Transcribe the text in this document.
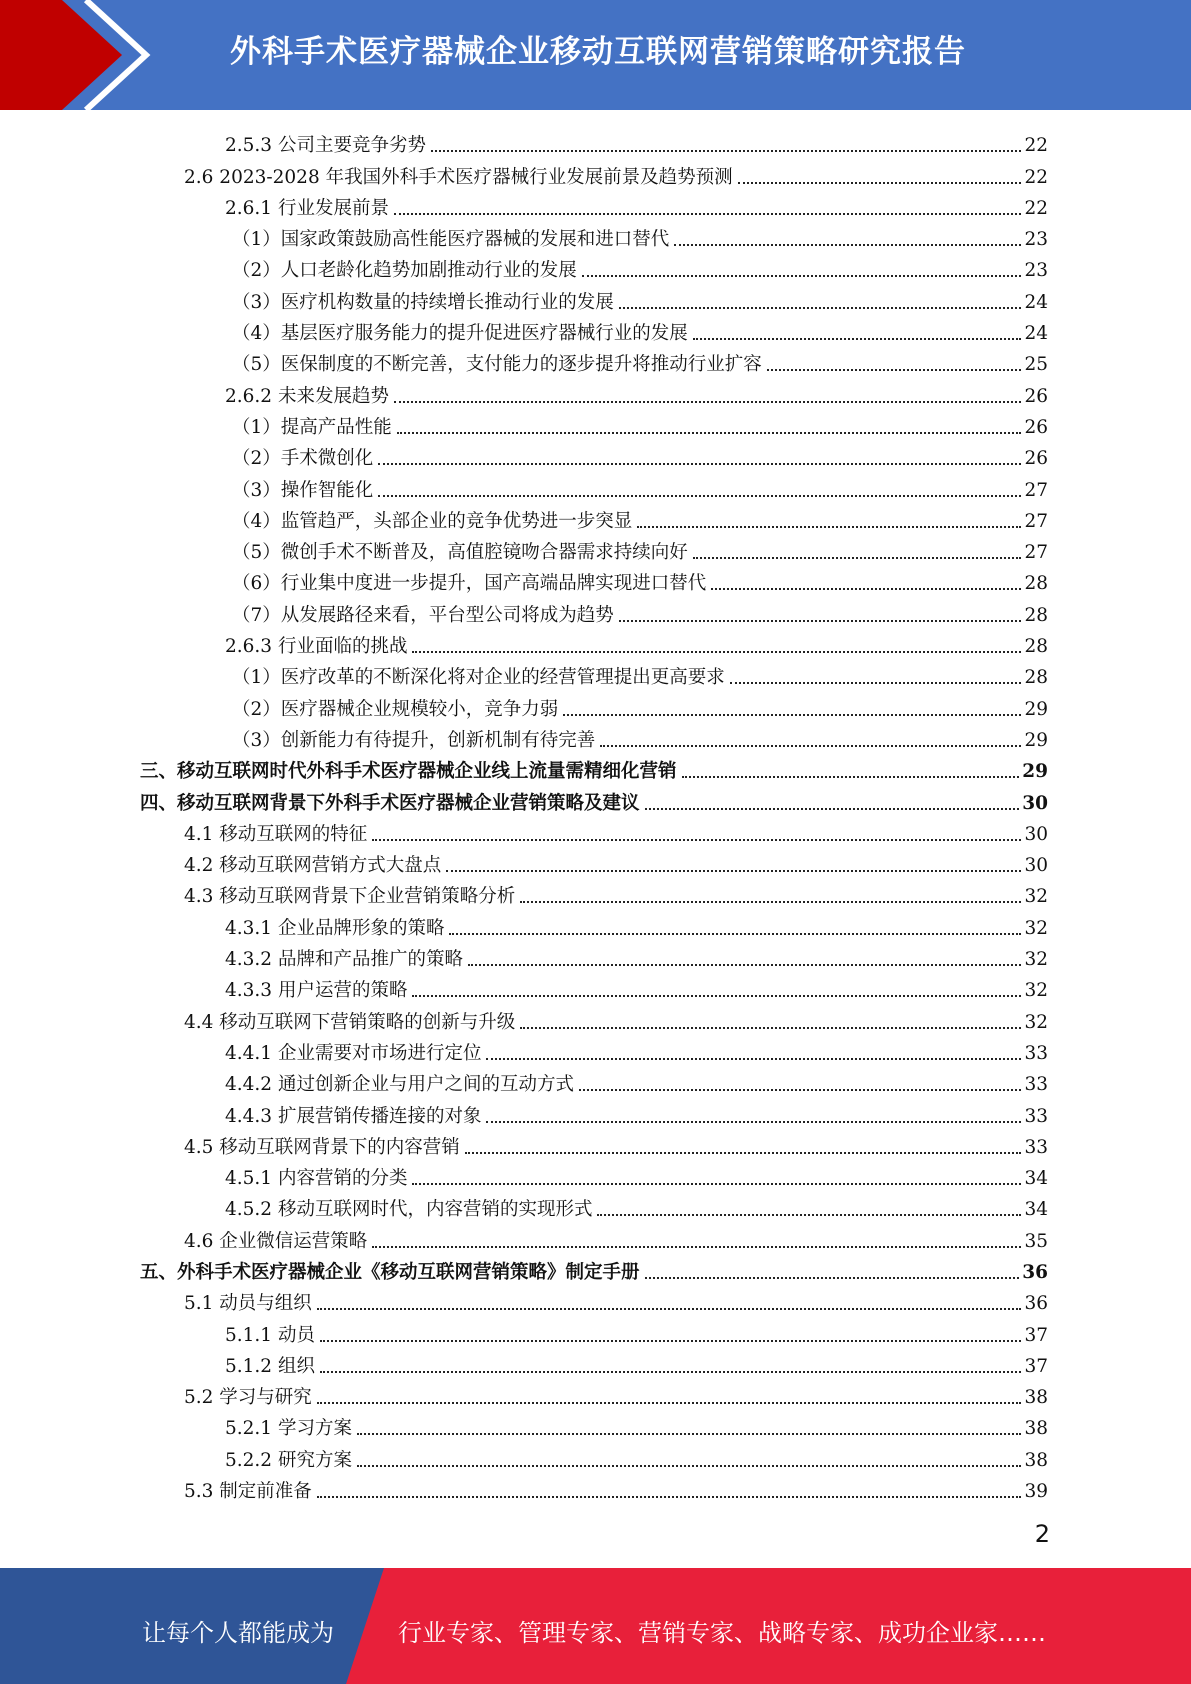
外科手术医疗器械企业移动互联网营销策略研究报告
2.5.3 公司主要竞争劣势	22
2.6 2023-2028 年我国外科手术医疗器械行业发展前景及趋势预测	22
2.6.1 行业发展前景	22
（1）国家政策鼓励高性能医疗器械的发展和进口替代	23
（2）人口老龄化趋势加剧推动行业的发展	23
（3）医疗机构数量的持续增长推动行业的发展	24
（4）基层医疗服务能力的提升促进医疗器械行业的发展	24
（5）医保制度的不断完善，支付能力的逐步提升将推动行业扩容	25
2.6.2 未来发展趋势	26
（1）提高产品性能	26
（2）手术微创化	26
（3）操作智能化	27
（4）监管趋严，头部企业的竞争优势进一步突显	27
（5）微创手术不断普及，高值腔镜吻合器需求持续向好	27
（6）行业集中度进一步提升，国产高端品牌实现进口替代	28
（7）从发展路径来看，平台型公司将成为趋势	28
2.6.3 行业面临的挑战	28
（1）医疗改革的不断深化将对企业的经营管理提出更高要求	28
（2）医疗器械企业规模较小，竞争力弱	29
（3）创新能力有待提升，创新机制有待完善	29
三、移动互联网时代外科手术医疗器械企业线上流量需精细化营销	29
四、移动互联网背景下外科手术医疗器械企业营销策略及建议	30
4.1 移动互联网的特征	30
4.2 移动互联网营销方式大盘点	30
4.3 移动互联网背景下企业营销策略分析	32
4.3.1 企业品牌形象的策略	32
4.3.2 品牌和产品推广的策略	32
4.3.3 用户运营的策略	32
4.4 移动互联网下营销策略的创新与升级	32
4.4.1 企业需要对市场进行定位	33
4.4.2 通过创新企业与用户之间的互动方式	33
4.4.3 扩展营销传播连接的对象	33
4.5 移动互联网背景下的内容营销	33
4.5.1 内容营销的分类	34
4.5.2 移动互联网时代，内容营销的实现形式	34
4.6 企业微信运营策略	35
五、外科手术医疗器械企业《移动互联网营销策略》制定手册	36
5.1 动员与组织	36
5.1.1 动员	37
5.1.2 组织	37
5.2 学习与研究	38
5.2.1 学习方案	38
5.2.2 研究方案	38
5.3 制定前准备	39
2
让每个人都能成为	行业专家、管理专家、营销专家、战略专家、成功企业家……
